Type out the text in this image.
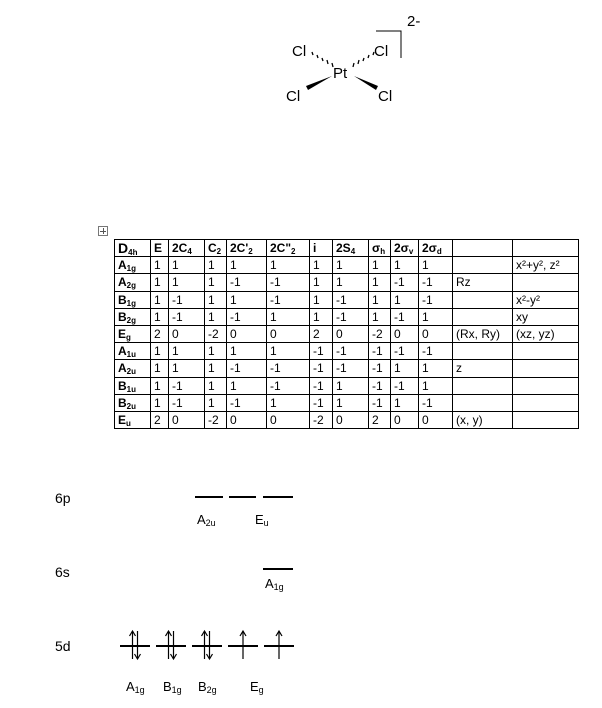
Pt
Cl	Cl
Cl	Cl
2-
$D_{4h}$	E	$2C_4$	$C_2$	$2C'_2$	$2C"_2$	i	$2S_4$	$\sigma_h$	$2\sigma_v$	$2\sigma_d$		
$A_{1g}$	1	1	1	1	1	1	1	1	1	1		x²+y², z²
$A_{2g}$	1	1	1	-1	-1	1	1	1	-1	-1	Rz	
$B_{1g}$	1	-1	1	1	-1	1	-1	1	1	-1		x²-y²
$B_{2g}$	1	-1	1	-1	1	1	-1	1	-1	1		xy
$E_g$	2	0	-2	0	0	2	0	-2	0	0	(Rx, Ry)	(xz, yz)
$A_{1u}$	1	1	1	1	1	-1	-1	-1	-1	-1		
$A_{2u}$	1	1	1	-1	-1	-1	-1	-1	1	1	z	
$B_{1u}$	1	-1	1	1	-1	-1	1	-1	-1	1		
$B_{2u}$	1	-1	1	-1	1	-1	1	-1	1	-1		
$E_u$	2	0	-2	0	0	-2	0	2	0	0	(x, y)	
6p
$A_{2u}$	$E_u$
6s
$A_{1g}$
5d
$A_{1g}$ $B_{1g}$ $B_{2g}$	$E_g$
